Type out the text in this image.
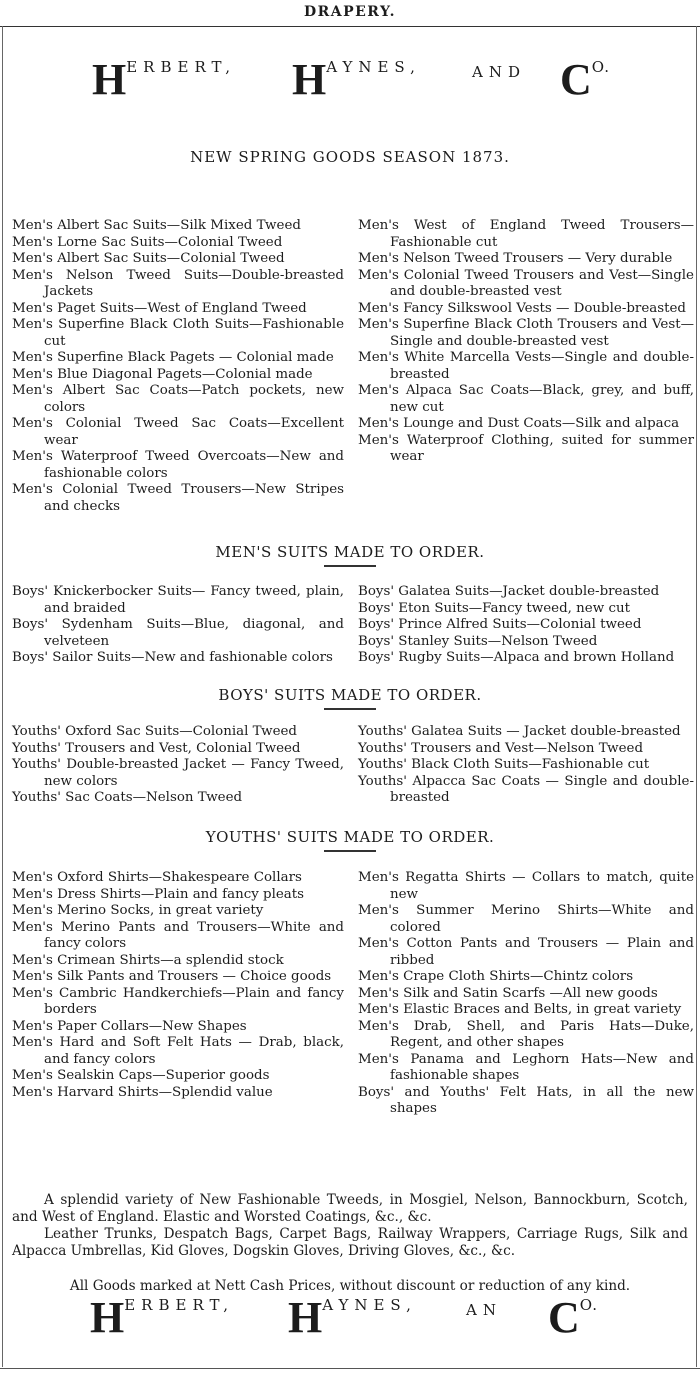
DRAPERY.
HERBERT, HAYNES,	AND CO.
NEW SPRING GOODS SEASON 1873.
Men's Albert Sac Suits—Silk Mixed Tweed
Men's Lorne Sac Suits—Colonial Tweed
Men's Albert Sac Suits—Colonial Tweed
Men's Nelson Tweed Suits—Double-breasted Jackets
Men's Paget Suits—West of England Tweed
Men's Superfine Black Cloth Suits—Fashionable cut
Men's Superfine Black Pagets — Colonial made
Men's Blue Diagonal Pagets—Colonial made
Men's Albert Sac Coats—Patch pockets, new colors
Men's Colonial Tweed Sac Coats—Excellent wear
Men's Waterproof Tweed Overcoats—New and fashionable colors
Men's Colonial Tweed Trousers—New Stripes and checks
Men's West of England Tweed Trousers—Fashionable cut
Men's Nelson Tweed Trousers — Very durable
Men's Colonial Tweed Trousers and Vest—Single and double-breasted vest
Men's Fancy Silkswool Vests — Double-breasted
Men's Superfine Black Cloth Trousers and Vest—Single and double-breasted vest
Men's White Marcella Vests—Single and double-breasted
Men's Alpaca Sac Coats—Black, grey, and buff, new cut
Men's Lounge and Dust Coats—Silk and alpaca
Men's Waterproof Clothing, suited for summer wear
MEN'S SUITS MADE TO ORDER.
Boys' Knickerbocker Suits— Fancy tweed, plain, and braided
Boys' Sydenham Suits—Blue, diagonal, and velveteen
Boys' Sailor Suits—New and fashionable colors
Boys' Galatea Suits—Jacket double-breasted
Boys' Eton Suits—Fancy tweed, new cut
Boys' Prince Alfred Suits—Colonial tweed
Boys' Stanley Suits—Nelson Tweed
Boys' Rugby Suits—Alpaca and brown Holland
BOYS' SUITS MADE TO ORDER.
Youths' Oxford Sac Suits—Colonial Tweed
Youths' Trousers and Vest, Colonial Tweed
Youths' Double-breasted Jacket — Fancy Tweed, new colors
Youths' Sac Coats—Nelson Tweed
Youths' Galatea Suits — Jacket double-breasted
Youths' Trousers and Vest—Nelson Tweed
Youths' Black Cloth Suits—Fashionable cut
Youths' Alpacca Sac Coats — Single and double-breasted
YOUTHS' SUITS MADE TO ORDER.
Men's Oxford Shirts—Shakespeare Collars
Men's Dress Shirts—Plain and fancy pleats
Men's Merino Socks, in great variety
Men's Merino Pants and Trousers—White and fancy colors
Men's Crimean Shirts—a splendid stock
Men's Silk Pants and Trousers — Choice goods
Men's Cambric Handkerchiefs—Plain and fancy borders
Men's Paper Collars—New Shapes
Men's Hard and Soft Felt Hats — Drab, black, and fancy colors
Men's Sealskin Caps—Superior goods
Men's Harvard Shirts—Splendid value
Men's Regatta Shirts — Collars to match, quite new
Men's Summer Merino Shirts—White and colored
Men's Cotton Pants and Trousers — Plain and ribbed
Men's Crape Cloth Shirts—Chintz colors
Men's Silk and Satin Scarfs —All new goods
Men's Elastic Braces and Belts, in great variety
Men's Drab, Shell, and Paris Hats—Duke, Regent, and other shapes
Men's Panama and Leghorn Hats—New and fashionable shapes
Boys' and Youths' Felt Hats, in all the new shapes

A splendid variety of New Fashionable Tweeds, in Mosgiel, Nelson, Bannockburn, Scotch, and West of England. Elastic and Worsted Coatings, &c., &c.

Leather Trunks, Despatch Bags, Carpet Bags, Railway Wrappers, Carriage Rugs, Silk and Alpacca Umbrellas, Kid Gloves, Dogskin Gloves, Driving Gloves, &c., &c.

All Goods marked at Nett Cash Prices, without discount or reduction of any kind.

HERBERT, HAYNES,	AN CO.
